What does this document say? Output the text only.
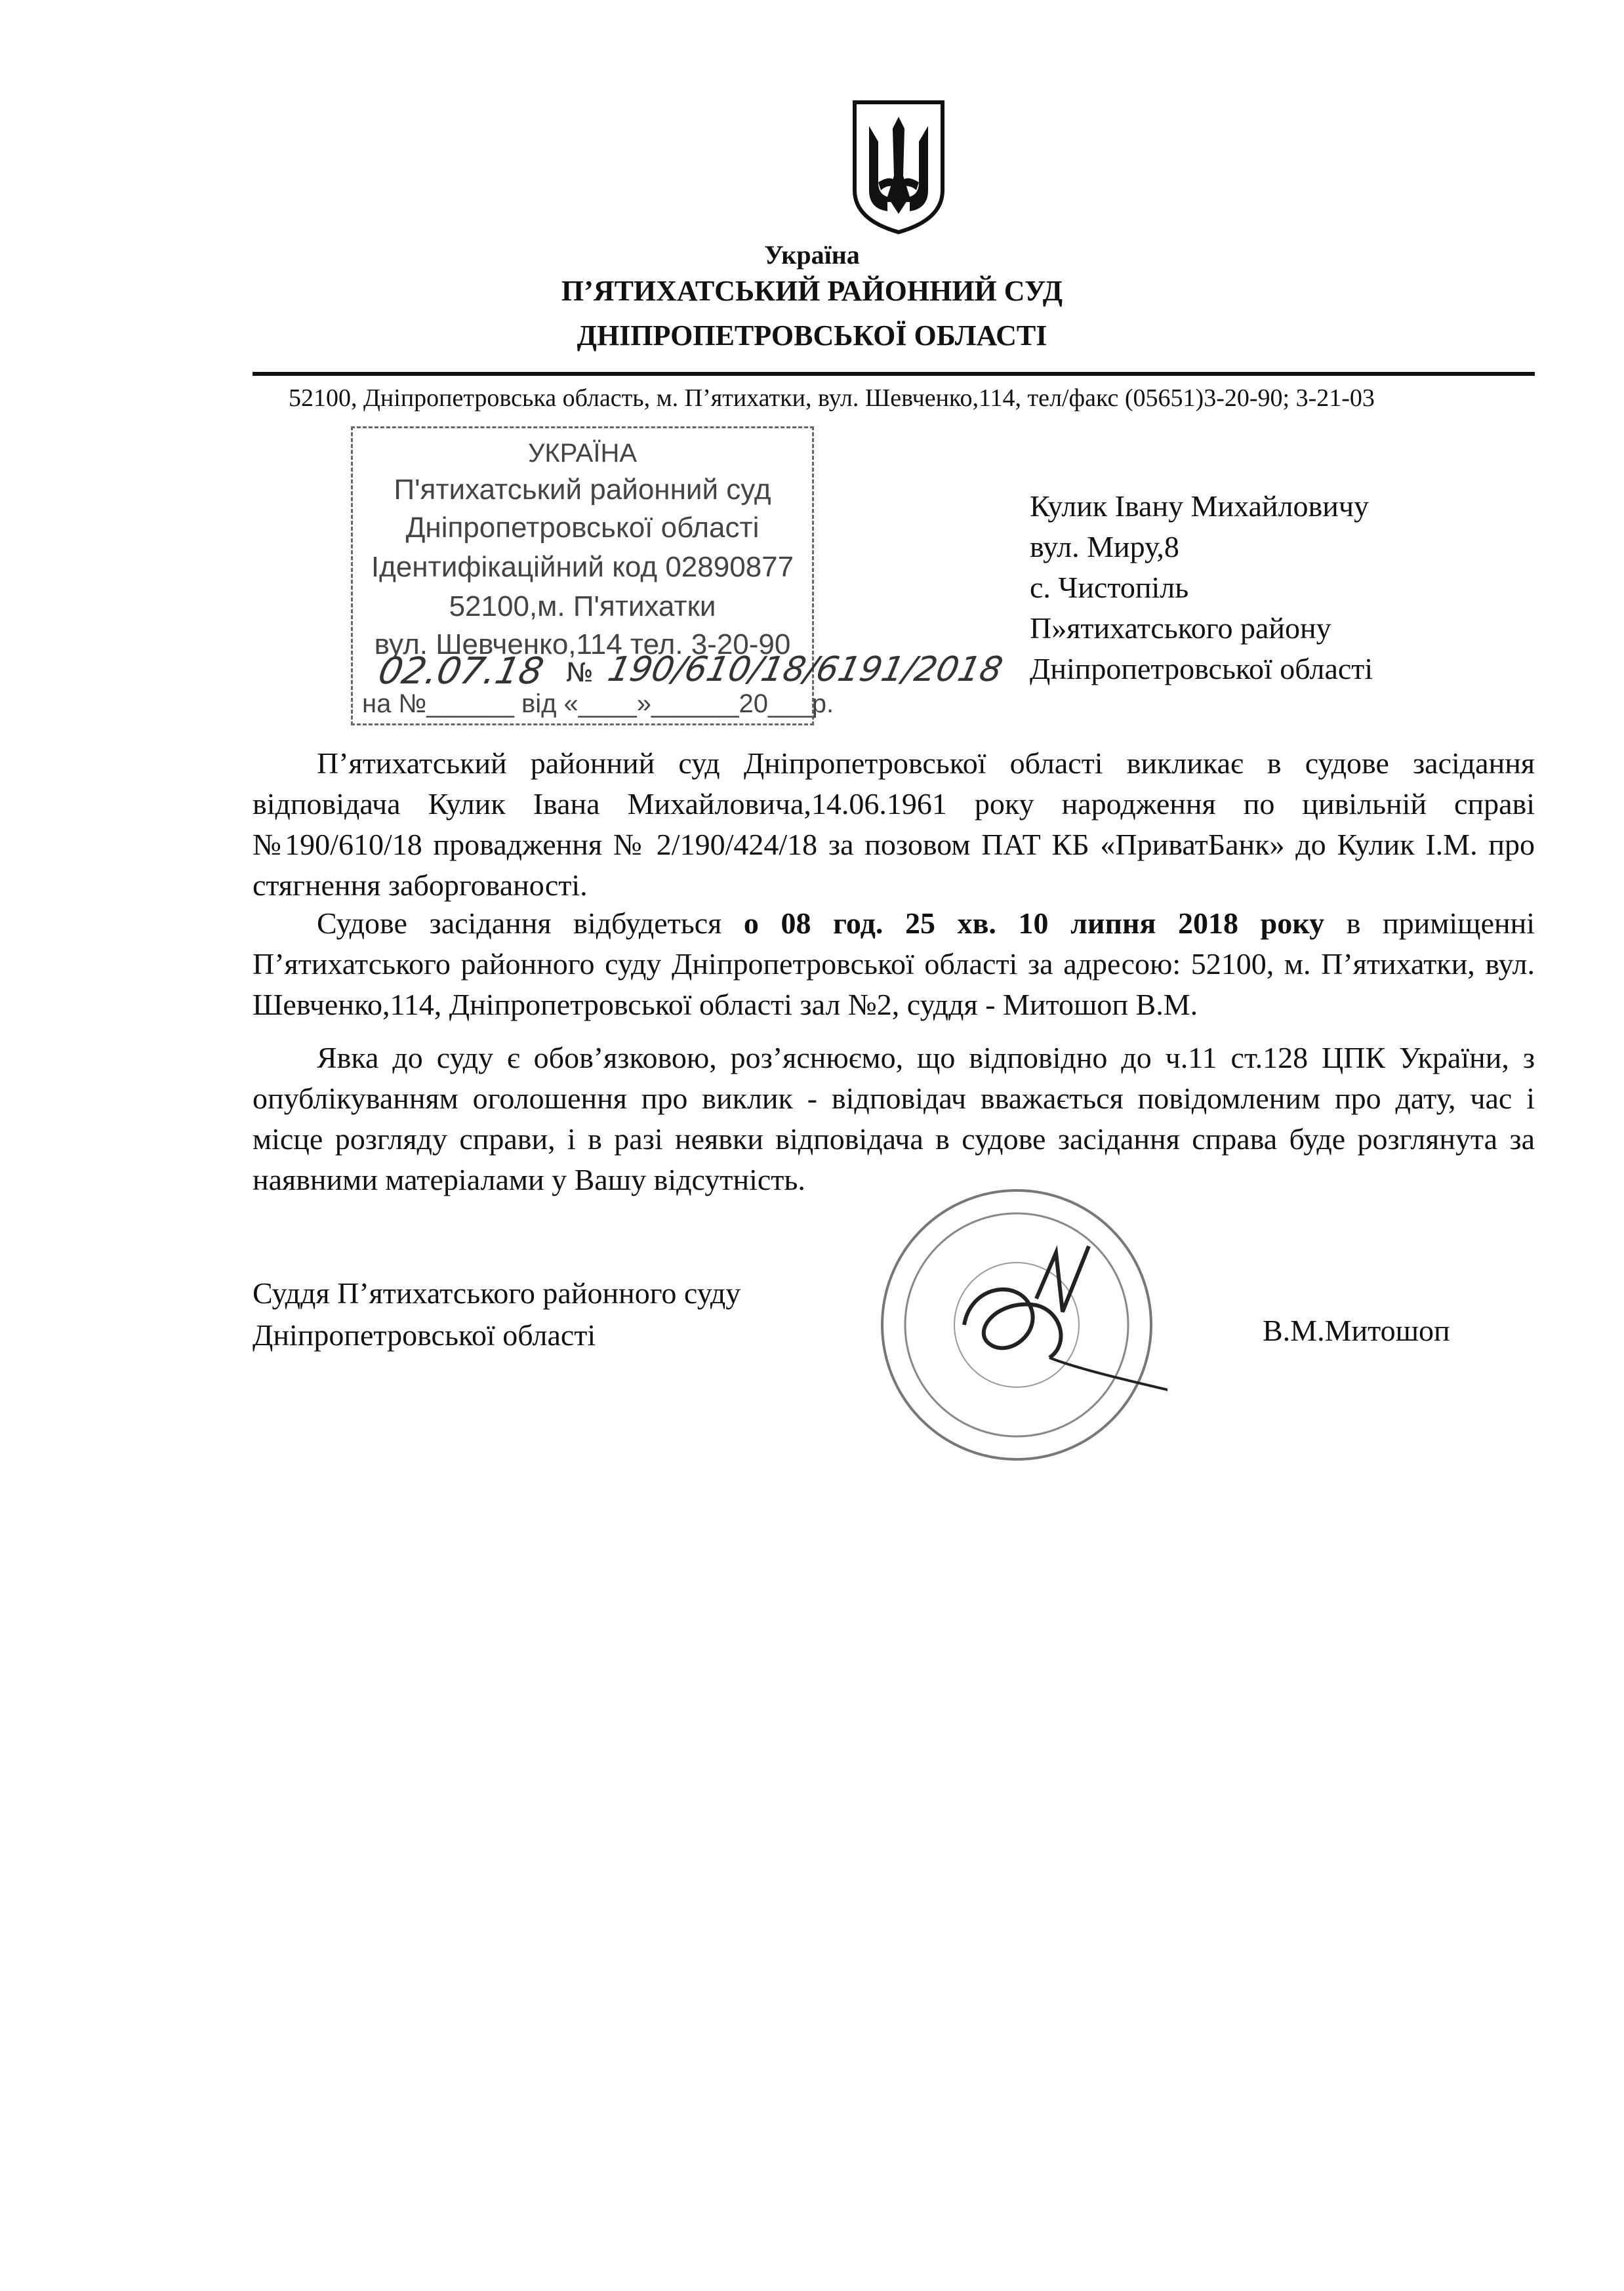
Україна
П’ЯТИХАТСЬКИЙ РАЙОННИЙ СУД
ДНІПРОПЕТРОВСЬКОЇ ОБЛАСТІ
52100, Дніпропетровська область, м. П’ятихатки, вул. Шевченко,114, тел/факс (05651)3-20-90; 3-21-03
УКРАЇНА
П'ятихатський районний суд
Дніпропетровської області
Ідентифікаційний код 02890877
52100,м. П'ятихатки
вул. Шевченко,114 тел. 3-20-90
02.07.18 № 190/610/18/6191/2018
на №______ від «____»______20___р.
Кулик Івану Михайловичу
вул. Миру,8
с. Чистопіль
П»ятихатського району
Дніпропетровської області
П’ятихатський районний суд Дніпропетровської області викликає в судове засідання відповідача Кулик Івана Михайловича,14.06.1961 року народження по цивільній справі №190/610/18 провадження № 2/190/424/18 за позовом ПАТ КБ «ПриватБанк» до Кулик І.М. про стягнення заборгованості.
Судове засідання відбудеться о 08 год. 25 хв. 10 липня 2018 року в приміщенні П’ятихатського районного суду Дніпропетровської області за адресою: 52100, м. П’ятихатки, вул. Шевченко,114, Дніпропетровської області зал №2, суддя - Митошоп В.М.
Явка до суду є обов’язковою, роз’яснюємо, що відповідно до ч.11 ст.128 ЦПК України, з опублікуванням оголошення про виклик - відповідач вважається повідомленим про дату, час і місце розгляду справи, і в разі неявки відповідача в судове засідання справа буде розглянута за наявними матеріалами у Вашу відсутність.
Суддя П’ятихатського районного суду
Дніпропетровської області	В.М.Митошоп
